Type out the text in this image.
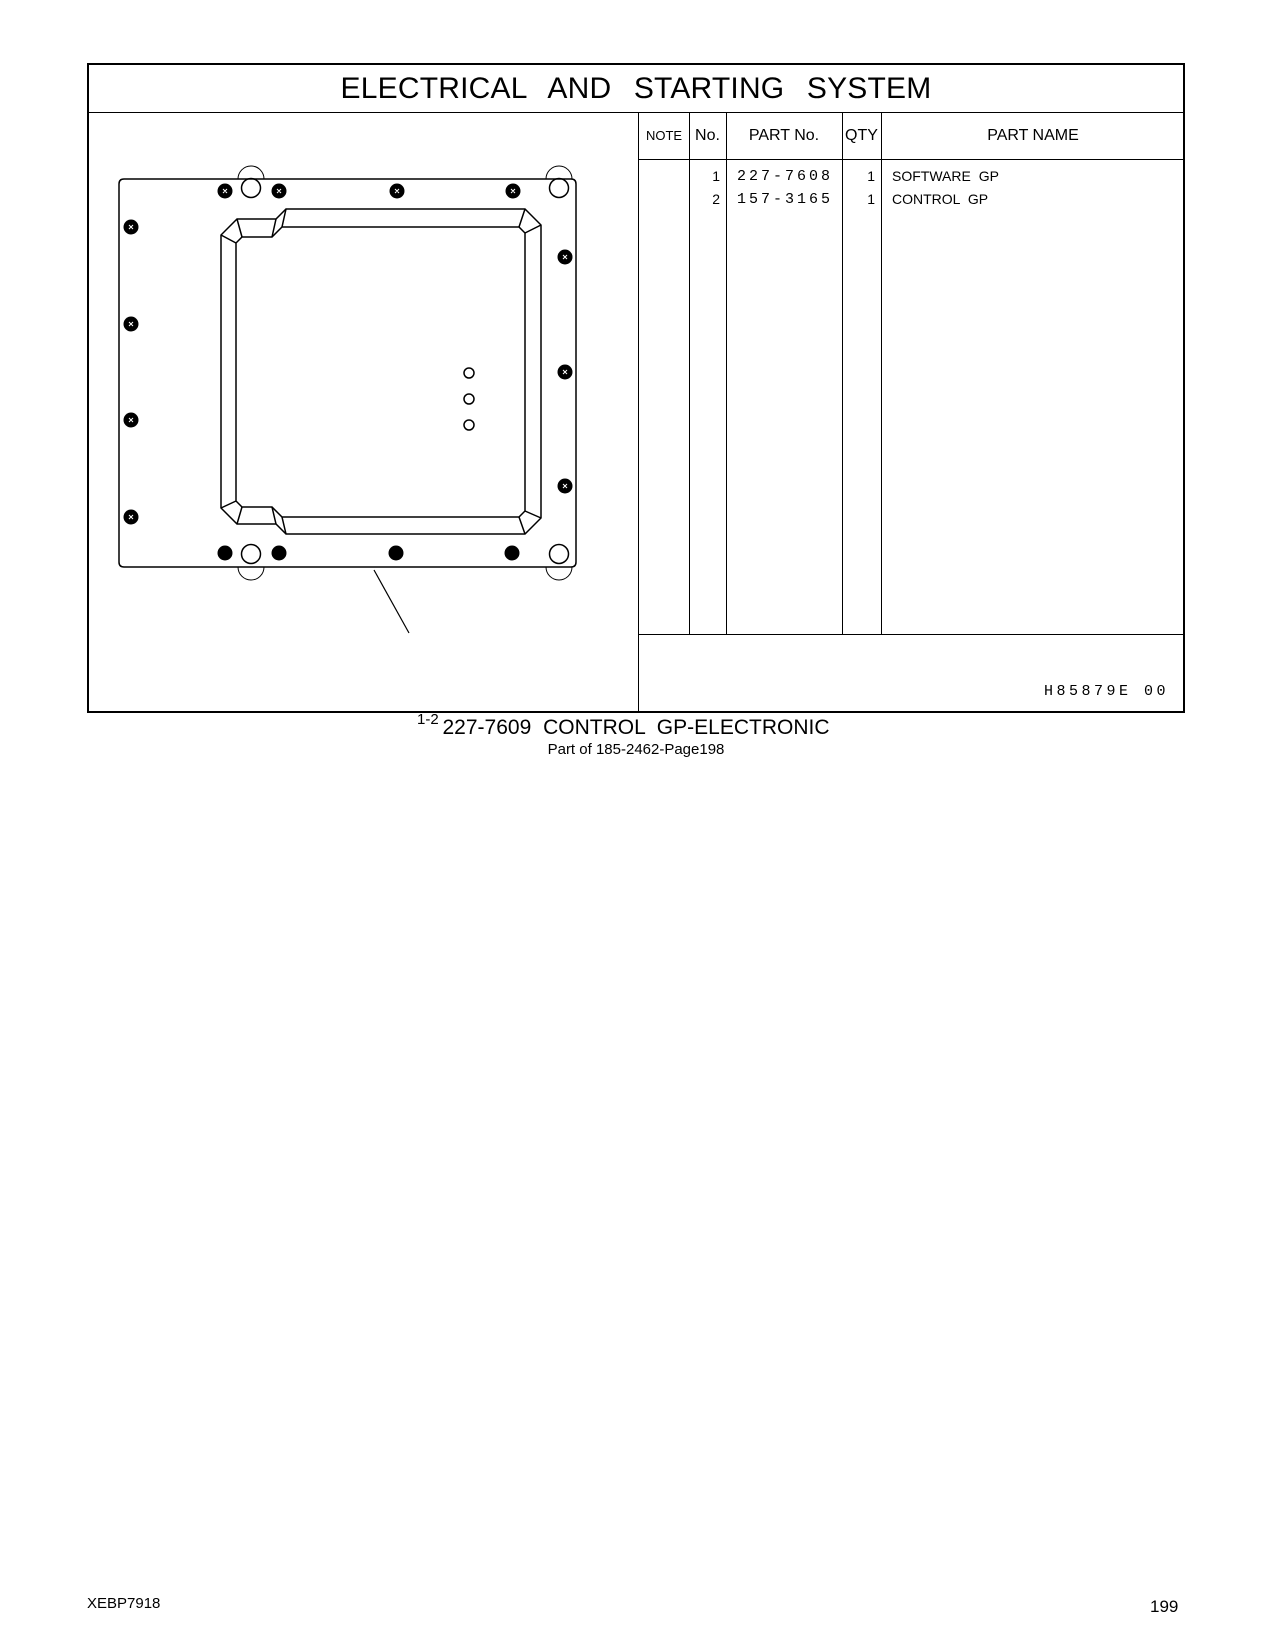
ELECTRICAL AND STARTING SYSTEM
1-2
NOTE No.	PART No.	QTY	PART NAME
1 227-7608	1 SOFTWARE GP
2 157-3165	1 CONTROL GP
H85879E 00
227-7609 CONTROL GP-ELECTRONIC
Part of 185-2462-Page198
XEBP7918	199
